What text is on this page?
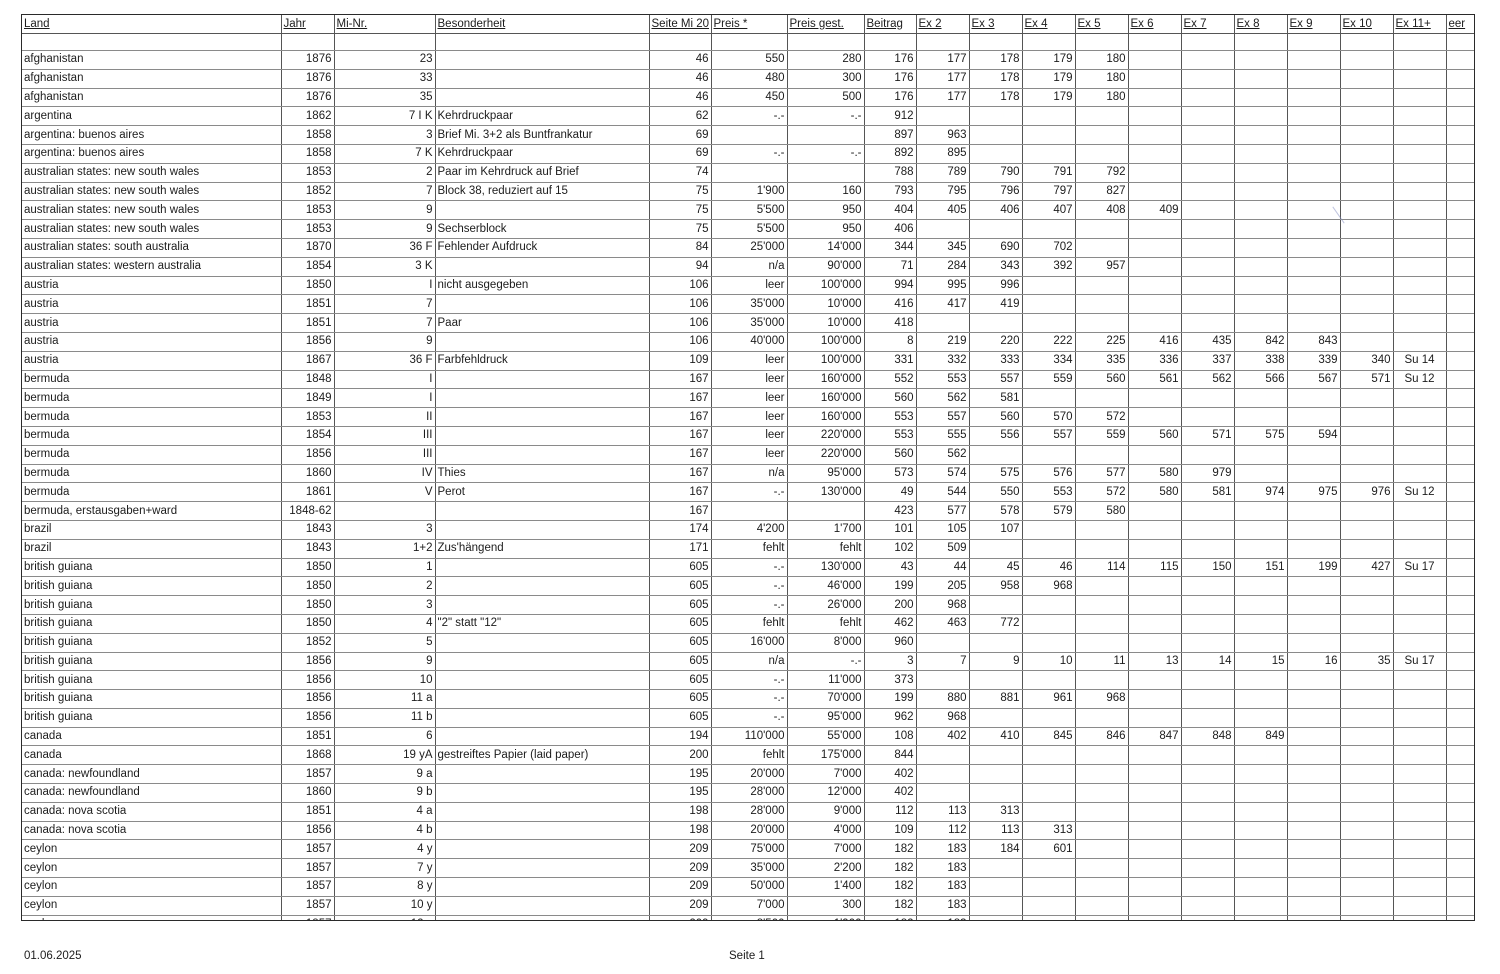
Land	Jahr	Mi-Nr.	Besonderheit	Seite Mi 20	Preis *	Preis gest.	Beitrag	Ex 2	Ex 3	Ex 4	Ex 5	Ex 6	Ex 7	Ex 8	Ex 9	Ex 10	Ex 11+	eer

afghanistan	1876	23		46	550	280	176	177	178	179	180							
afghanistan	1876	33		46	480	300	176	177	178	179	180							
afghanistan	1876	35		46	450	500	176	177	178	179	180							
argentina	1862	7 I K	Kehrdruckpaar	62	-.-	-.-	912											
argentina: buenos aires	1858	3	Brief Mi. 3+2 als Buntfrankatur	69			897	963										
argentina: buenos aires	1858	7 K	Kehrdruckpaar	69	-.-	-.-	892	895										
australian states: new south wales	1853	2	Paar im Kehrdruck auf Brief	74			788	789	790	791	792							
australian states: new south wales	1852	7	Block 38, reduziert auf 15	75	1'900	160	793	795	796	797	827							
australian states: new south wales	1853	9		75	5'500	950	404	405	406	407	408	409						
australian states: new south wales	1853	9	Sechserblock	75	5'500	950	406											
australian states: south australia	1870	36 F	Fehlender Aufdruck	84	25'000	14'000	344	345	690	702								
australian states: western australia	1854	3 K		94	n/a	90'000	71	284	343	392	957							
austria	1850	I	nicht ausgegeben	106	leer	100'000	994	995	996									
austria	1851	7		106	35'000	10'000	416	417	419									
austria	1851	7	Paar	106	35'000	10'000	418											
austria	1856	9		106	40'000	100'000	8	219	220	222	225	416	435	842	843			
austria	1867	36 F	Farbfehldruck	109	leer	100'000	331	332	333	334	335	336	337	338	339	340	Su 14	
bermuda	1848	I		167	leer	160'000	552	553	557	559	560	561	562	566	567	571	Su 12	
bermuda	1849	I		167	leer	160'000	560	562	581									
bermuda	1853	II		167	leer	160'000	553	557	560	570	572							
bermuda	1854	III		167	leer	220'000	553	555	556	557	559	560	571	575	594			
bermuda	1856	III		167	leer	220'000	560	562										
bermuda	1860	IV	Thies	167	n/a	95'000	573	574	575	576	577	580	979					
bermuda	1861	V	Perot	167	-.-	130'000	49	544	550	553	572	580	581	974	975	976	Su 12	
bermuda, erstausgaben+ward	1848-62			167			423	577	578	579	580							
brazil	1843	3		174	4'200	1'700	101	105	107									
brazil	1843	1+2	Zus'hängend	171	fehlt	fehlt	102	509										
british guiana	1850	1		605	-.-	130'000	43	44	45	46	114	115	150	151	199	427	Su 17	
british guiana	1850	2		605	-.-	46'000	199	205	958	968								
british guiana	1850	3		605	-.-	26'000	200	968										
british guiana	1850	4	"2" statt "12"	605	fehlt	fehlt	462	463	772									
british guiana	1852	5		605	16'000	8'000	960											
british guiana	1856	9		605	n/a	-.-	3	7	9	10	11	13	14	15	16	35	Su 17	
british guiana	1856	10		605	-.-	11'000	373											
british guiana	1856	11 a		605	-.-	70'000	199	880	881	961	968							
british guiana	1856	11 b		605	-.-	95'000	962	968										
canada	1851	6		194	110'000	55'000	108	402	410	845	846	847	848	849				
canada	1868	19 yA	gestreiftes Papier (laid paper)	200	fehlt	175'000	844											
canada: newfoundland	1857	9 a		195	20'000	7'000	402											
canada: newfoundland	1860	9 b		195	28'000	12'000	402											
canada: nova scotia	1851	4 a		198	28'000	9'000	112	113	313									
canada: nova scotia	1856	4 b		198	20'000	4'000	109	112	113	313								
ceylon	1857	4 y		209	75'000	7'000	182	183	184	601								
ceylon	1857	7 y		209	35'000	2'200	182	183										
ceylon	1857	8 y		209	50'000	1'400	182	183										
ceylon	1857	10 y		209	7'000	300	182	183										

01.06.2025	Seite 1
